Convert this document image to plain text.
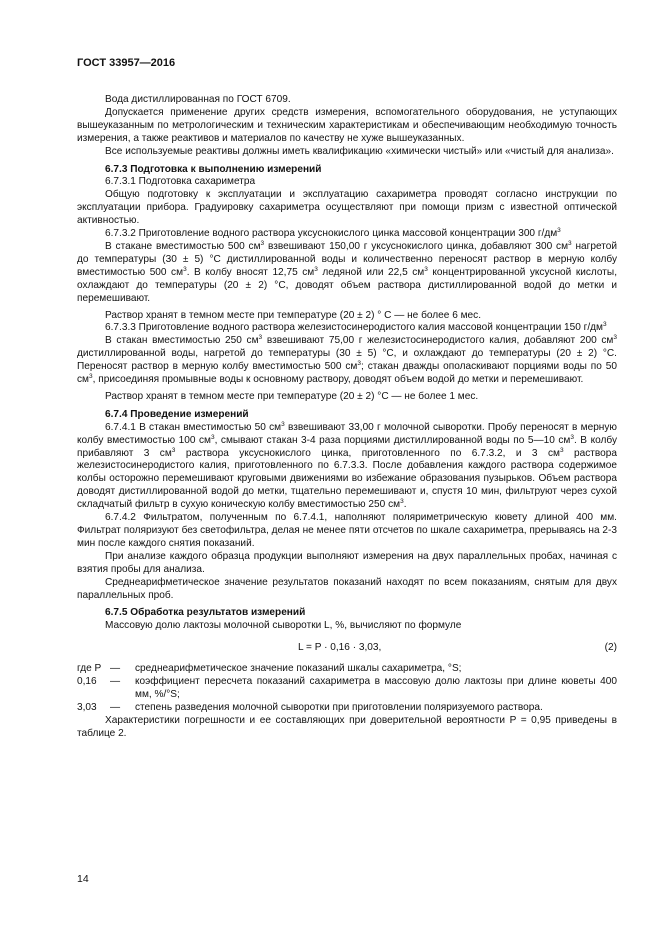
ГОСТ 33957—2016

Вода дистиллированная по ГОСТ 6709.

Допускается применение других средств измерения, вспомогательного оборудования, не уступающих вышеуказанным по метрологическим и техническим характеристикам и обеспечивающим необходимую точность измерения, а также реактивов и материалов по качеству не хуже вышеуказанных.

Все используемые реактивы должны иметь квалификацию «химически чистый» или «чистый для анализа».

6.7.3 Подготовка к выполнению измерений

6.7.3.1 Подготовка сахариметра

Общую подготовку к эксплуатации и эксплуатацию сахариметра проводят согласно инструкции по эксплуатации прибора. Градуировку сахариметра осуществляют при помощи призм с известной оптической активностью.

6.7.3.2 Приготовление водного раствора уксуснокислого цинка массовой концентрации 300 $г/дм^3$

В стакане вместимостью 500 $см^3$ взвешивают 150,00 г уксуснокислого цинка, добавляют 300 $см^3$ нагретой до температуры (30 ± 5) °С дистиллированной воды и количественно переносят раствор в мерную колбу вместимостью 500 $см^3$. В колбу вносят 12,75 $см^3$ ледяной или 22,5 $см^3$ концентрированной уксусной кислоты, охлаждают до температуры (20 ± 2) °С, доводят объем раствора дистиллированной водой до метки и перемешивают.

Раствор хранят в темном месте при температуре (20 ± 2) ° С — не более 6 мес.

6.7.3.3 Приготовление водного раствора железистосинеродистого калия массовой концентрации 150 $г/дм^3$

В стакан вместимостью 250 $см^3$ взвешивают 75,00 г железистосинеродистого калия, добавляют 200 $см^3$ дистиллированной воды, нагретой до температуры (30 ± 5) °С, и охлаждают до температуры (20 ± 2) °С. Переносят раствор в мерную колбу вместимостью 500 $см^3$; стакан дважды ополаскивают порциями воды по 50 $см^3$, присоединяя промывные воды к основному раствору, доводят объем водой до метки и перемешивают.

Раствор хранят в темном месте при температуре (20 ± 2) °С — не более 1 мес.

6.7.4 Проведение измерений

6.7.4.1 В стакан вместимостью 50 $см^3$ взвешивают 33,00 г молочной сыворотки. Пробу переносят в мерную колбу вместимостью 100 $см^3$, смывают стакан 3-4 раза порциями дистиллированной воды по 5—10 $см^3$. В колбу прибавляют 3 $см^3$ раствора уксуснокислого цинка, приготовленного по 6.7.3.2, и 3 $см^3$ раствора железистосинеродистого калия, приготовленного по 6.7.3.3. После добавления каждого раствора содержимое колбы осторожно перемешивают круговыми движениями во избежание образования пузырьков. Объем раствора доводят дистиллированной водой до метки, тщательно перемешивают и, спустя 10 мин, фильтруют через сухой складчатый фильтр в сухую коническую колбу вместимостью 250 $см^3$.

6.7.4.2 Фильтратом, полученным по 6.7.4.1, наполняют поляриметрическую кювету длиной 400 мм. Фильтрат поляризуют без светофильтра, делая не менее пяти отсчетов по шкале сахариметра, прерываясь на 2-3 мин после каждого снятия показаний.

При анализе каждого образца продукции выполняют измерения на двух параллельных пробах, начиная с взятия пробы для анализа.

Среднеарифметическое значение результатов показаний находят по всем показаниям, снятым для двух параллельных проб.

6.7.5 Обработка результатов измерений

Массовую долю лактозы молочной сыворотки L, %, вычисляют по формуле

L = P · 0,16 · 3,03,	(2)
где P — среднеарифметическое значение показаний шкалы сахариметра, °S;
0,16 — коэффициент пересчета показаний сахариметра в массовую долю лактозы при длине кюветы 400 мм, %/°S;
3,03 — степень разведения молочной сыворотки при приготовлении поляризуемого раствора.

Характеристики погрешности и ее составляющих при доверительной вероятности P = 0,95 приведены в таблице 2.

14
